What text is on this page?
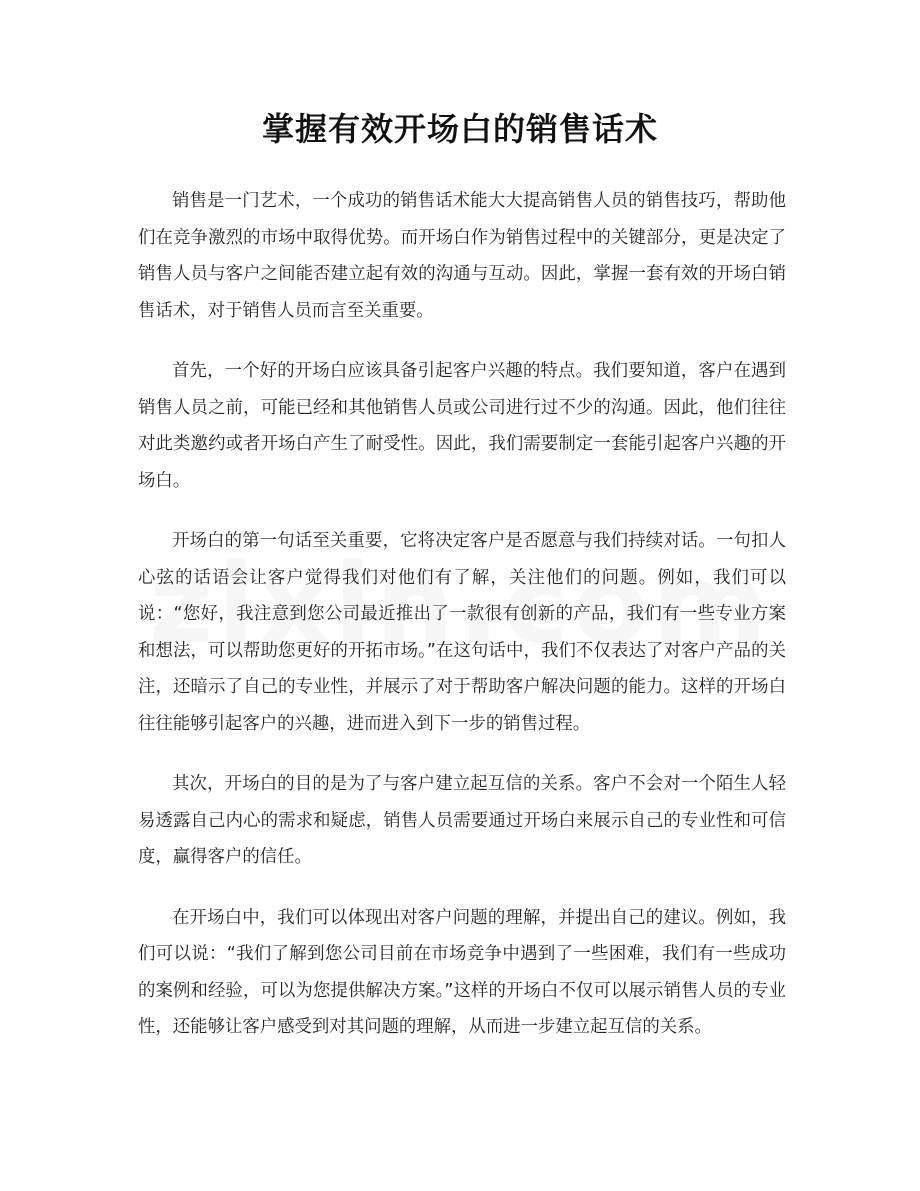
掌握有效开场白的销售话术

销售是一门艺术，一个成功的销售话术能大大提高销售人员的销售技巧，帮助他们在竞争激烈的市场中取得优势。而开场白作为销售过程中的关键部分，更是决定了销售人员与客户之间能否建立起有效的沟通与互动。因此，掌握一套有效的开场白销售话术，对于销售人员而言至关重要。

首先，一个好的开场白应该具备引起客户兴趣的特点。我们要知道，客户在遇到销售人员之前，可能已经和其他销售人员或公司进行过不少的沟通。因此，他们往往对此类邀约或者开场白产生了耐受性。因此，我们需要制定一套能引起客户兴趣的开场白。

开场白的第一句话至关重要，它将决定客户是否愿意与我们持续对话。一句扣人心弦的话语会让客户觉得我们对他们有了解，关注他们的问题。例如，我们可以说：“您好，我注意到您公司最近推出了一款很有创新的产品，我们有一些专业方案和想法，可以帮助您更好的开拓市场。”在这句话中，我们不仅表达了对客户产品的关注，还暗示了自己的专业性，并展示了对于帮助客户解决问题的能力。这样的开场白往往能够引起客户的兴趣，进而进入到下一步的销售过程。

其次，开场白的目的是为了与客户建立起互信的关系。客户不会对一个陌生人轻易透露自己内心的需求和疑虑，销售人员需要通过开场白来展示自己的专业性和可信度，赢得客户的信任。

在开场白中，我们可以体现出对客户问题的理解，并提出自己的建议。例如，我们可以说：“我们了解到您公司目前在市场竞争中遇到了一些困难，我们有一些成功的案例和经验，可以为您提供解决方案。”这样的开场白不仅可以展示销售人员的专业性，还能够让客户感受到对其问题的理解，从而进一步建立起互信的关系。
